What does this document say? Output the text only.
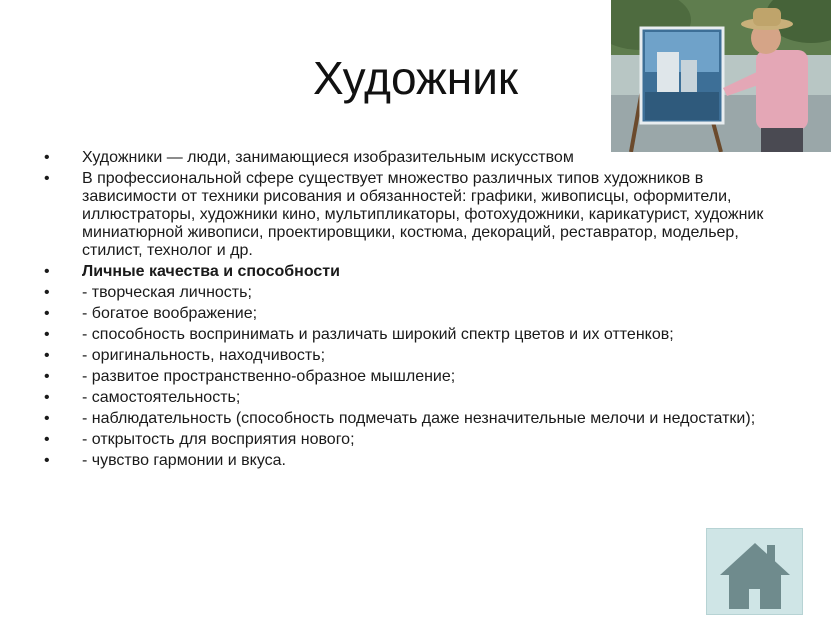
Художник
• Художники — люди, занимающиеся изобразительным искусством
• В профессиональной сфере существует множество различных типов художников в зависимости от техники рисования и обязанностей: графики, живописцы, оформители, иллюстраторы, художники кино, мультипликаторы, фотохудожники, карикатурист, художник миниатюрной живописи, проектировщики, костюма, декораций, реставратор, модельер, стилист, технолог и др.
• Личные качества и способности
• - творческая личность;
• - богатое воображение;
• - способность воспринимать и различать широкий спектр цветов и их оттенков;
• - оригинальность, находчивость;
• - развитое пространственно-образное мышление;
• - самостоятельность;
• - наблюдательность (способность подмечать даже незначительные мелочи и недостатки);
• - открытость для восприятия нового;
• - чувство гармонии и вкуса.
